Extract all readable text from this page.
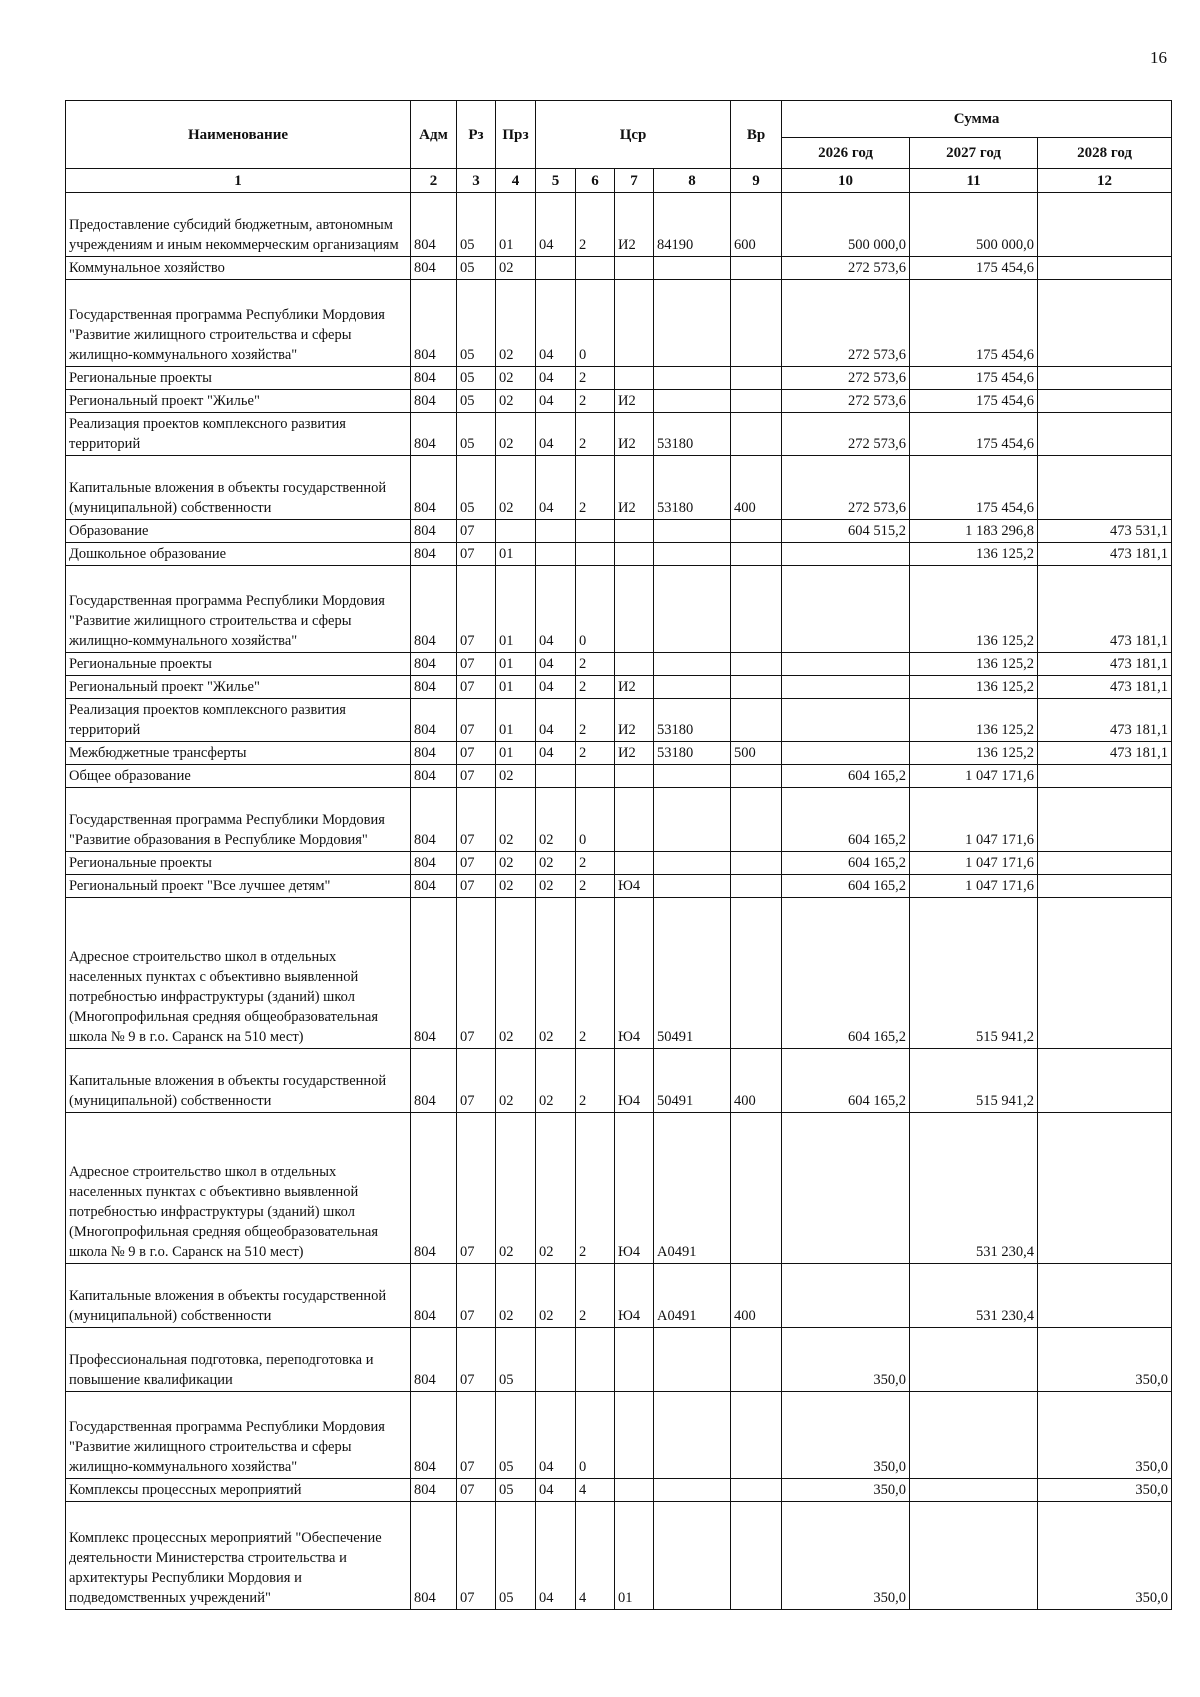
16
Наименование	Адм	Рз	Прз	Цср				Вр	Сумма		
									2026 год	2027 год	2028 год
1	2	3	4	5	6	7	8	9	10	11	12
Предоставление субсидий бюджетным, автономным учреждениям и иным некоммерческим организациям	804	05	01	04	2	И2	84190	600	500 000,0	500 000,0	
Коммунальное хозяйство	804	05	02						272 573,6	175 454,6	
Государственная программа Республики Мордовия "Развитие жилищного строительства и сферы жилищно-коммунального хозяйства"	804	05	02	04	0				272 573,6	175 454,6	
Региональные проекты	804	05	02	04	2				272 573,6	175 454,6	
Региональный проект "Жилье"	804	05	02	04	2	И2			272 573,6	175 454,6	
Реализация проектов комплексного развития территорий	804	05	02	04	2	И2	53180		272 573,6	175 454,6	
Капитальные вложения в объекты государственной (муниципальной) собственности	804	05	02	04	2	И2	53180	400	272 573,6	175 454,6	
Образование	804	07							604 515,2	1 183 296,8	473 531,1
Дошкольное образование	804	07	01							136 125,2	473 181,1
Государственная программа Республики Мордовия "Развитие жилищного строительства и сферы жилищно-коммунального хозяйства"	804	07	01	04	0					136 125,2	473 181,1
Региональные проекты	804	07	01	04	2					136 125,2	473 181,1
Региональный проект "Жилье"	804	07	01	04	2	И2				136 125,2	473 181,1
Реализация проектов комплексного развития территорий	804	07	01	04	2	И2	53180			136 125,2	473 181,1
Межбюджетные трансферты	804	07	01	04	2	И2	53180	500		136 125,2	473 181,1
Общее образование	804	07	02						604 165,2	1 047 171,6	
Государственная программа Республики Мордовия "Развитие образования в Республике Мордовия"	804	07	02	02	0				604 165,2	1 047 171,6	
Региональные проекты	804	07	02	02	2				604 165,2	1 047 171,6	
Региональный проект "Все лучшее детям"	804	07	02	02	2	Ю4			604 165,2	1 047 171,6	
Адресное строительство школ в отдельных населенных пунктах с объективно выявленной потребностью инфраструктуры (зданий) школ (Многопрофильная средняя общеобразовательная школа № 9 в г.о. Саранск на 510 мест)	804	07	02	02	2	Ю4	50491		604 165,2	515 941,2	
Капитальные вложения в объекты государственной (муниципальной) собственности	804	07	02	02	2	Ю4	50491	400	604 165,2	515 941,2	
Адресное строительство школ в отдельных населенных пунктах с объективно выявленной потребностью инфраструктуры (зданий) школ (Многопрофильная средняя общеобразовательная школа № 9 в г.о. Саранск на 510 мест)	804	07	02	02	2	Ю4	А0491			531 230,4	
Капитальные вложения в объекты государственной (муниципальной) собственности	804	07	02	02	2	Ю4	А0491	400		531 230,4	
Профессиональная подготовка, переподготовка и повышение квалификации	804	07	05						350,0		350,0
Государственная программа Республики Мордовия "Развитие жилищного строительства и сферы жилищно-коммунального хозяйства"	804	07	05	04	0				350,0		350,0
Комплексы процессных мероприятий	804	07	05	04	4				350,0		350,0
Комплекс процессных мероприятий "Обеспечение деятельности Министерства строительства и архитектуры Республики Мордовия и подведомственных учреждений"	804	07	05	04	4	01			350,0		350,0
